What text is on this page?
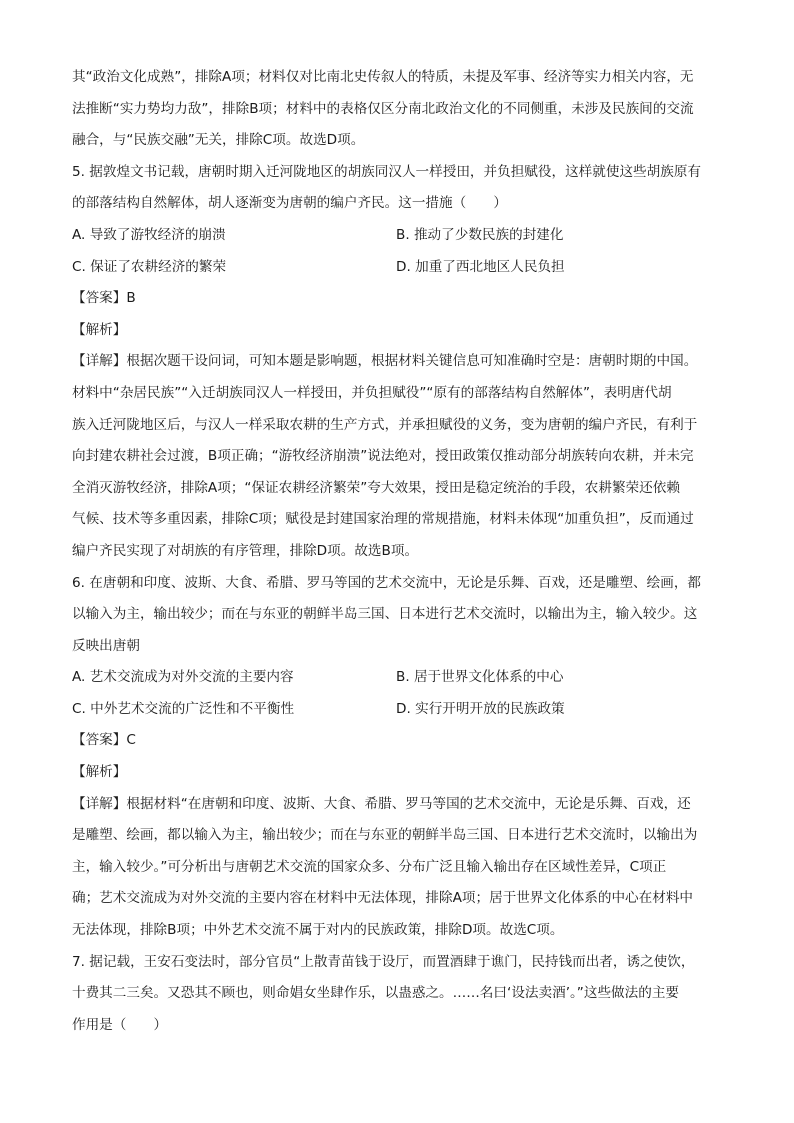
其“政治文化成熟”，排除A项；材料仅对比南北史传叙人的特质，未提及军事、经济等实力相关内容，无
法推断“实力势均力敌”，排除B项；材料中的表格仅区分南北政治文化的不同侧重，未涉及民族间的交流
融合，与“民族交融”无关，排除C项。故选D项。
5. 据敦煌文书记载，唐朝时期入迁河陇地区的胡族同汉人一样授田，并负担赋役，这样就使这些胡族原有
的部落结构自然解体，胡人逐渐变为唐朝的编户齐民。这一措施（　　）
A. 导致了游牧经济的崩溃	B. 推动了少数民族的封建化
C. 保证了农耕经济的繁荣	D. 加重了西北地区人民负担
【答案】B
【解析】
【详解】根据次题干设问词，可知本题是影响题，根据材料关键信息可知准确时空是：唐朝时期的中国。
材料中“杂居民族”“入迁胡族同汉人一样授田，并负担赋役”“原有的部落结构自然解体”，表明唐代胡
族入迁河陇地区后，与汉人一样采取农耕的生产方式，并承担赋役的义务，变为唐朝的编户齐民，有利于
向封建农耕社会过渡，B项正确；“游牧经济崩溃”说法绝对，授田政策仅推动部分胡族转向农耕，并未完
全消灭游牧经济，排除A项；“保证农耕经济繁荣”夸大效果，授田是稳定统治的手段，农耕繁荣还依赖
气候、技术等多重因素，排除C项；赋役是封建国家治理的常规措施，材料未体现“加重负担”，反而通过
编户齐民实现了对胡族的有序管理，排除D项。故选B项。
6. 在唐朝和印度、波斯、大食、希腊、罗马等国的艺术交流中，无论是乐舞、百戏，还是雕塑、绘画，都
以输入为主，输出较少；而在与东亚的朝鲜半岛三国、日本进行艺术交流时，以输出为主，输入较少。这
反映出唐朝
A. 艺术交流成为对外交流的主要内容	B. 居于世界文化体系的中心
C. 中外艺术交流的广泛性和不平衡性	D. 实行开明开放的民族政策
【答案】C
【解析】
【详解】根据材料“在唐朝和印度、波斯、大食、希腊、罗马等国的艺术交流中，无论是乐舞、百戏，还
是雕塑、绘画，都以输入为主，输出较少；而在与东亚的朝鲜半岛三国、日本进行艺术交流时，以输出为
主，输入较少。”可分析出与唐朝艺术交流的国家众多、分布广泛且输入输出存在区域性差异，C项正
确；艺术交流成为对外交流的主要内容在材料中无法体现，排除A项；居于世界文化体系的中心在材料中
无法体现，排除B项；中外艺术交流不属于对内的民族政策，排除D项。故选C项。
7. 据记载，王安石变法时，部分官员“上散青苗钱于设厅，而置酒肆于谯门，民持钱而出者，诱之使饮，
十费其二三矣。又恐其不顾也，则命娼女坐肆作乐，以蛊惑之。……名曰‘设法卖酒’。”这些做法的主要
作用是（　　）
